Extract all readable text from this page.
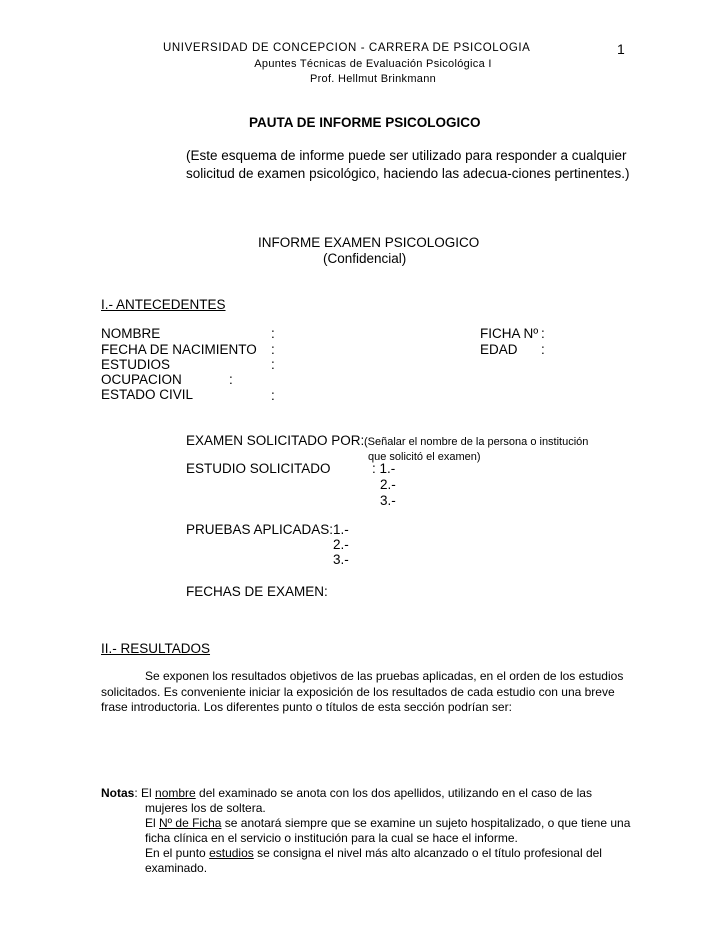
UNIVERSIDAD DE CONCEPCION - CARRERA DE PSICOLOGIA	1
Apuntes Técnicas de Evaluación Psicológica I
Prof. Hellmut Brinkmann
PAUTA DE INFORME PSICOLOGICO
(Este esquema de informe puede ser utilizado para responder a cualquier
solicitud de examen psicológico, haciendo las adecua-ciones pertinentes.)
INFORME EXAMEN PSICOLOGICO
(Confidencial)
I.- ANTECEDENTES
NOMBRE	:	FICHA Nº :
FECHA DE NACIMIENTO :	EDAD :
ESTUDIOS	:
OCUPACION	:
ESTADO CIVIL	:
EXAMEN SOLICITADO POR: (Señalar el nombre de la persona o institución
que solicitó el examen)
ESTUDIO SOLICITADO	: 1.-
2.-
3.-
PRUEBAS APLICADAS: 1.-
2.-
3.-
FECHAS DE EXAMEN:
II.- RESULTADOS
Se exponen los resultados objetivos de las pruebas aplicadas, en el orden de los estudios
solicitados. Es conveniente iniciar la exposición de los resultados de cada estudio con una breve
frase introductoria. Los diferentes punto o títulos de esta sección podrían ser:
Notas: El nombre del examinado se anota con los dos apellidos, utilizando en el caso de las
mujeres los de soltera.
El Nº de Ficha se anotará siempre que se examine un sujeto hospitalizado, o que tiene una
ficha clínica en el servicio o institución para la cual se hace el informe.
En el punto estudios se consigna el nivel más alto alcanzado o el título profesional del
examinado.
